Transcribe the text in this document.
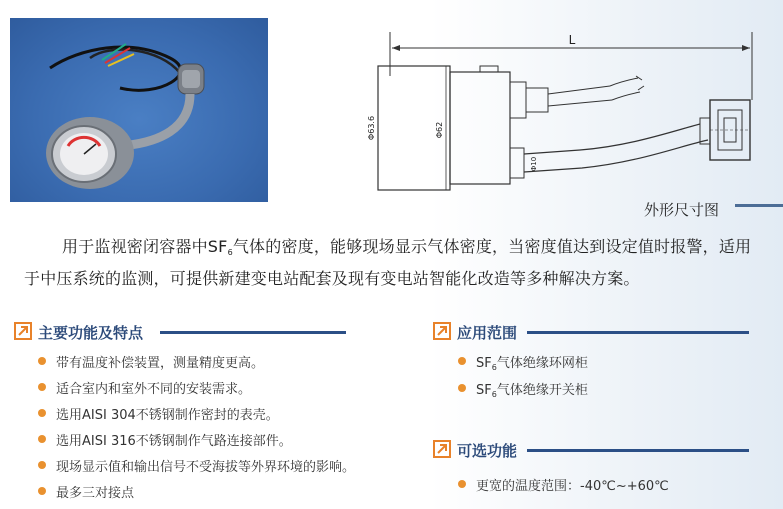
L
Φ63.6	Φ62
Φ10
外形尺寸图
用于监视密闭容器中SF6气体的密度，能够现场显示气体密度，当密度值达到设定值时报警，适用于中压系统的监测，可提供新建变电站配套及现有变电站智能化改造等多种解决方案。
主要功能及特点
带有温度补偿装置，测量精度更高。
适合室内和室外不同的安装需求。
选用AISI 304不锈钢制作密封的表壳。
选用AISI 316不锈钢制作气路连接部件。
现场显示值和输出信号不受海拔等外界环境的影响。
最多三对接点
应用范围
$SF_6$气体绝缘环网柜
$SF_6$气体绝缘开关柜
可选功能
更宽的温度范围：-40℃~+60℃
